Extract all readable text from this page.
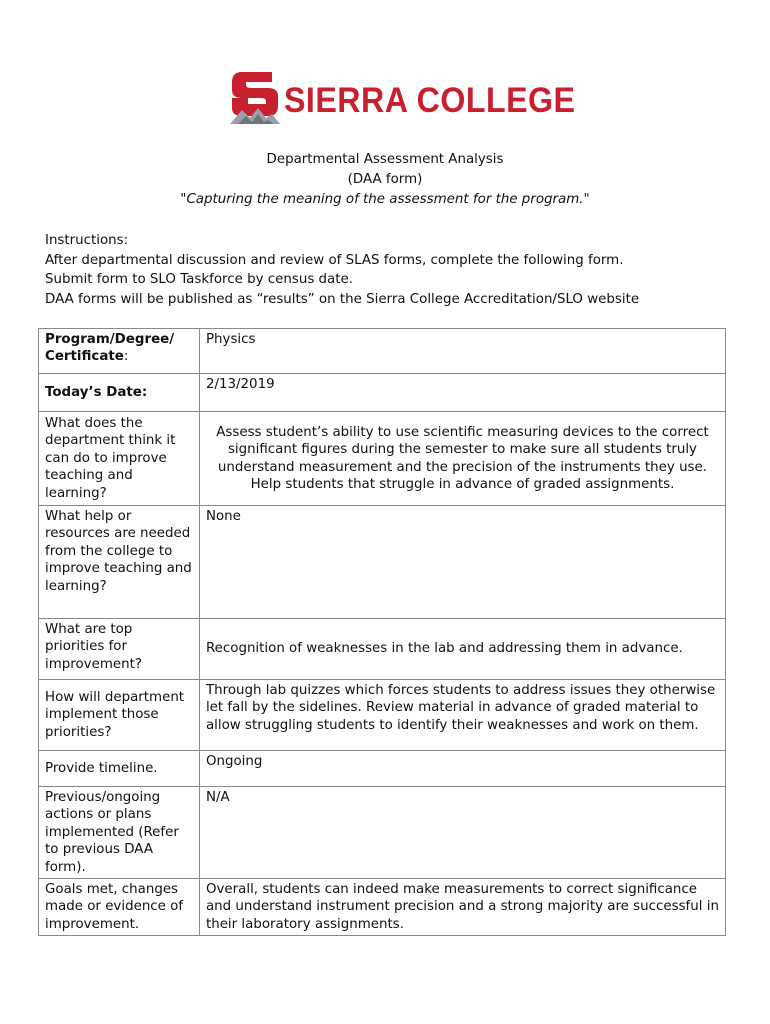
SIERRA COLLEGE
Departmental Assessment Analysis
(DAA form)
"Capturing the meaning of the assessment for the program."
Instructions:
After departmental discussion and review of SLAS forms, complete the following form.
Submit form to SLO Taskforce by census date.
DAA forms will be published as “results” on the Sierra College Accreditation/SLO website
Program/Degree/ Certificate:	Physics
Today’s Date:	2/13/2019
What does the department think it can do to improve teaching and learning?	Assess student’s ability to use scientific measuring devices to the correct significant figures during the semester to make sure all students truly understand measurement and the precision of the instruments they use. Help students that struggle in advance of graded assignments.
What help or resources are needed from the college to improve teaching and learning?	None
What are top priorities for improvement?	Recognition of weaknesses in the lab and addressing them in advance.
How will department implement those priorities?	Through lab quizzes which forces students to address issues they otherwise let fall by the sidelines. Review material in advance of graded material to allow struggling students to identify their weaknesses and work on them.
Provide timeline.	Ongoing
Previous/ongoing actions or plans implemented (Refer to previous DAA form).	N/A
Goals met, changes made or evidence of improvement.	Overall, students can indeed make measurements to correct significance and understand instrument precision and a strong majority are successful in their laboratory assignments.
